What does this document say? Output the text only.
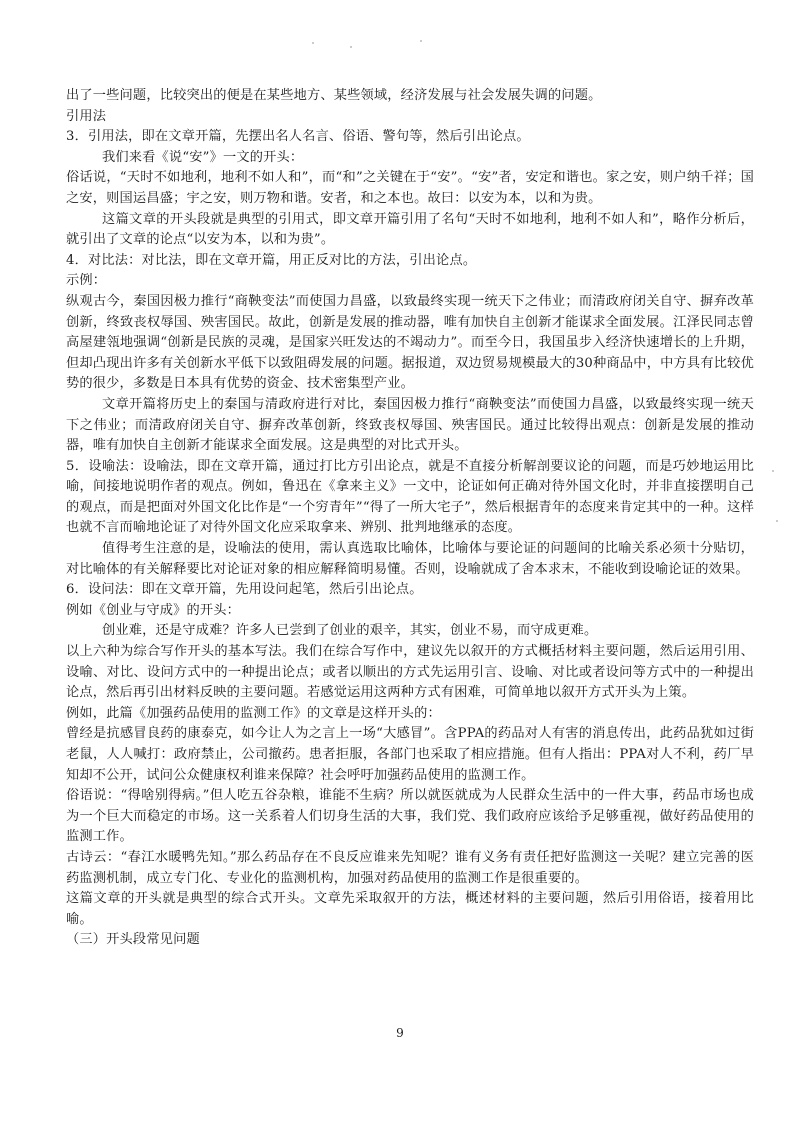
出了一些问题，比较突出的便是在某些地方、某些领域，经济发展与社会发展失调的问题。

引用法

3．引用法，即在文章开篇，先摆出名人名言、俗语、警句等，然后引出论点。

我们来看《说“安”》一文的开头：

俗话说，“天时不如地利，地利不如人和”，而“和”之关键在于“安”。“安”者，安定和谐也。家之安，则户纳千祥；国之安，则国运昌盛；宇之安，则万物和谐。安者，和之本也。故曰：以安为本，以和为贵。

这篇文章的开头段就是典型的引用式，即文章开篇引用了名句“天时不如地利，地利不如人和”，略作分析后，就引出了文章的论点“以安为本，以和为贵”。

4．对比法：对比法，即在文章开篇，用正反对比的方法，引出论点。

示例：

纵观古今，秦国因极力推行“商鞅变法”而使国力昌盛，以致最终实现一统天下之伟业；而清政府闭关自守、摒弃改革创新，终致丧权辱国、殃害国民。故此，创新是发展的推动器，唯有加快自主创新才能谋求全面发展。江泽民同志曾高屋建瓴地强调“创新是民族的灵魂，是国家兴旺发达的不竭动力”。而至今日，我国虽步入经济快速增长的上升期，但却凸现出许多有关创新水平低下以致阻碍发展的问题。据报道，双边贸易规模最大的30种商品中，中方具有比较优势的很少，多数是日本具有优势的资金、技术密集型产业。

文章开篇将历史上的秦国与清政府进行对比，秦国因极力推行“商鞅变法”而使国力昌盛，以致最终实现一统天下之伟业；而清政府闭关自守、摒弃改革创新，终致丧权辱国、殃害国民。通过比较得出观点：创新是发展的推动器，唯有加快自主创新才能谋求全面发展。这是典型的对比式开头。

5．设喻法：设喻法，即在文章开篇，通过打比方引出论点，就是不直接分析解剖要议论的问题，而是巧妙地运用比喻，间接地说明作者的观点。例如，鲁迅在《拿来主义》一文中，论证如何正确对待外国文化时，并非直接摆明自己的观点，而是把面对外国文化比作是“一个穷青年”“得了一所大宅子”，然后根据青年的态度来肯定其中的一种。这样也就不言而喻地论证了对待外国文化应采取拿来、辨别、批判地继承的态度。

值得考生注意的是，设喻法的使用，需认真选取比喻体，比喻体与要论证的问题间的比喻关系必须十分贴切，对比喻体的有关解释要比对论证对象的相应解释简明易懂。否则，设喻就成了舍本求末，不能收到设喻论证的效果。

6．设问法：即在文章开篇，先用设问起笔，然后引出论点。

例如《创业与守成》的开头：

创业难，还是守成难？许多人已尝到了创业的艰辛，其实，创业不易，而守成更难。

以上六种为综合写作开头的基本写法。我们在综合写作中，建议先以叙开的方式概括材料主要问题，然后运用引用、设喻、对比、设问方式中的一种提出论点；或者以顺出的方式先运用引言、设喻、对比或者设问等方式中的一种提出论点，然后再引出材料反映的主要问题。若感觉运用这两种方式有困难，可简单地以叙开方式开头为上策。

例如，此篇《加强药品使用的监测工作》的文章是这样开头的：

曾经是抗感冒良药的康泰克，如今让人为之言上一场“大感冒”。含PPA的药品对人有害的消息传出，此药品犹如过街老鼠，人人喊打：政府禁止，公司撤药。患者拒服，各部门也采取了相应措施。但有人指出：PPA对人不利，药厂早知却不公开，试问公众健康权利谁来保障？社会呼吁加强药品使用的监测工作。

俗语说：“得啥别得病。”但人吃五谷杂粮，谁能不生病？所以就医就成为人民群众生活中的一件大事，药品市场也成为一个巨大而稳定的市场。这一关系着人们切身生活的大事，我们党、我们政府应该给予足够重视，做好药品使用的监测工作。

古诗云：“春江水暖鸭先知。”那么药品存在不良反应谁来先知呢？谁有义务有责任把好监测这一关呢？建立完善的医药监测机制，成立专门化、专业化的监测机构，加强对药品使用的监测工作是很重要的。

这篇文章的开头就是典型的综合式开头。文章先采取叙开的方法，概述材料的主要问题，然后引用俗语，接着用比喻。

（三）开头段常见问题

9
